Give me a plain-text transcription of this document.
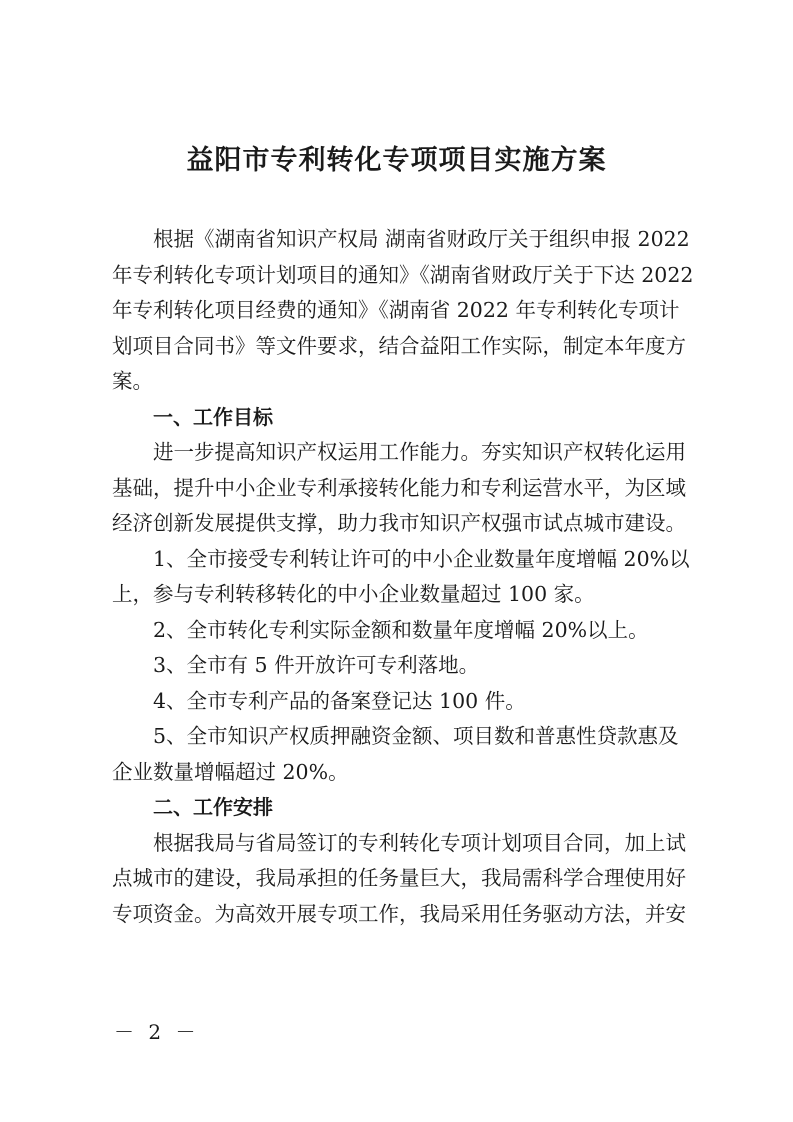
益阳市专利转化专项项目实施方案

根据《湖南省知识产权局 湖南省财政厅关于组织申报 2022
年专利转化专项计划项目的通知》《湖南省财政厅关于下达 2022
年专利转化项目经费的通知》《湖南省 2022 年专利转化专项计
划项目合同书》等文件要求，结合益阳工作实际，制定本年度方
案。

一、工作目标

进一步提高知识产权运用工作能力。夯实知识产权转化运用
基础，提升中小企业专利承接转化能力和专利运营水平，为区域
经济创新发展提供支撑，助力我市知识产权强市试点城市建设。

1、全市接受专利转让许可的中小企业数量年度增幅 20%以
上，参与专利转移转化的中小企业数量超过 100 家。

2、全市转化专利实际金额和数量年度增幅 20%以上。

3、全市有 5 件开放许可专利落地。

4、全市专利产品的备案登记达 100 件。

5、全市知识产权质押融资金额、项目数和普惠性贷款惠及
企业数量增幅超过 20%。

二、工作安排

根据我局与省局签订的专利转化专项计划项目合同，加上试
点城市的建设，我局承担的任务量巨大，我局需科学合理使用好
专项资金。为高效开展专项工作，我局采用任务驱动方法，并安

－ 2 －
